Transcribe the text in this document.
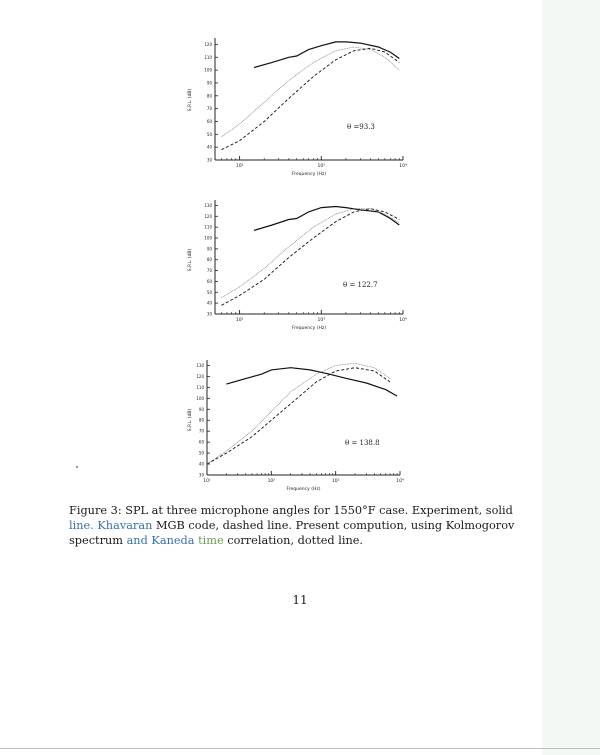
120
110
100
90
80
70
60
50
40
30
10²	10³	10⁴
Frequency (Hz)
S.P.L. (dB)
θ =93.3
130
120
110
100
90
80
70
60
50
40
30
10²	10³	10⁴
Frequency (Hz)
S.P.L. (dB)
θ = 122.7
130
120
110
100
90
80
70
60
50
40
30
10¹	10²	10³	10⁴
Frequency (Hz)
S.P.L. (dB)
θ = 138.8
Figure 3: SPL at three microphone angles for 1550°F case. Experiment, solid line. Khavaran MGB code, dashed line. Present compution, using Kolmogorov spectrum and Kaneda time correlation, dotted line.
11
